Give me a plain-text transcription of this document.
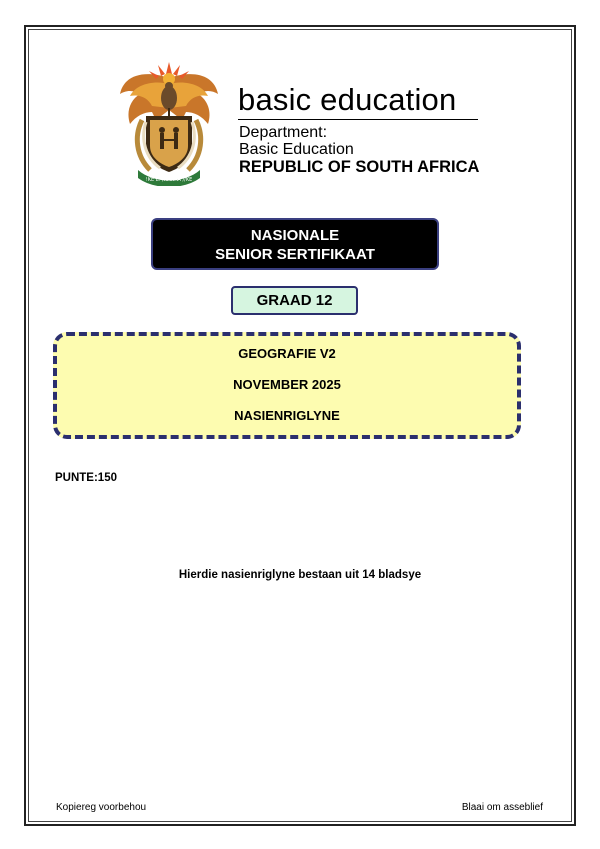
!KE E: /XARRA //KE
basic education
Department:
Basic Education
REPUBLIC OF SOUTH AFRICA
NASIONALE
SENIOR SERTIFIKAAT
GRAAD 12
GEOGRAFIE V2
NOVEMBER 2025
NASIENRIGLYNE
PUNTE:150
Hierdie nasienriglyne bestaan uit 14 bladsye
Kopiereg voorbehou	Blaai om asseblief
